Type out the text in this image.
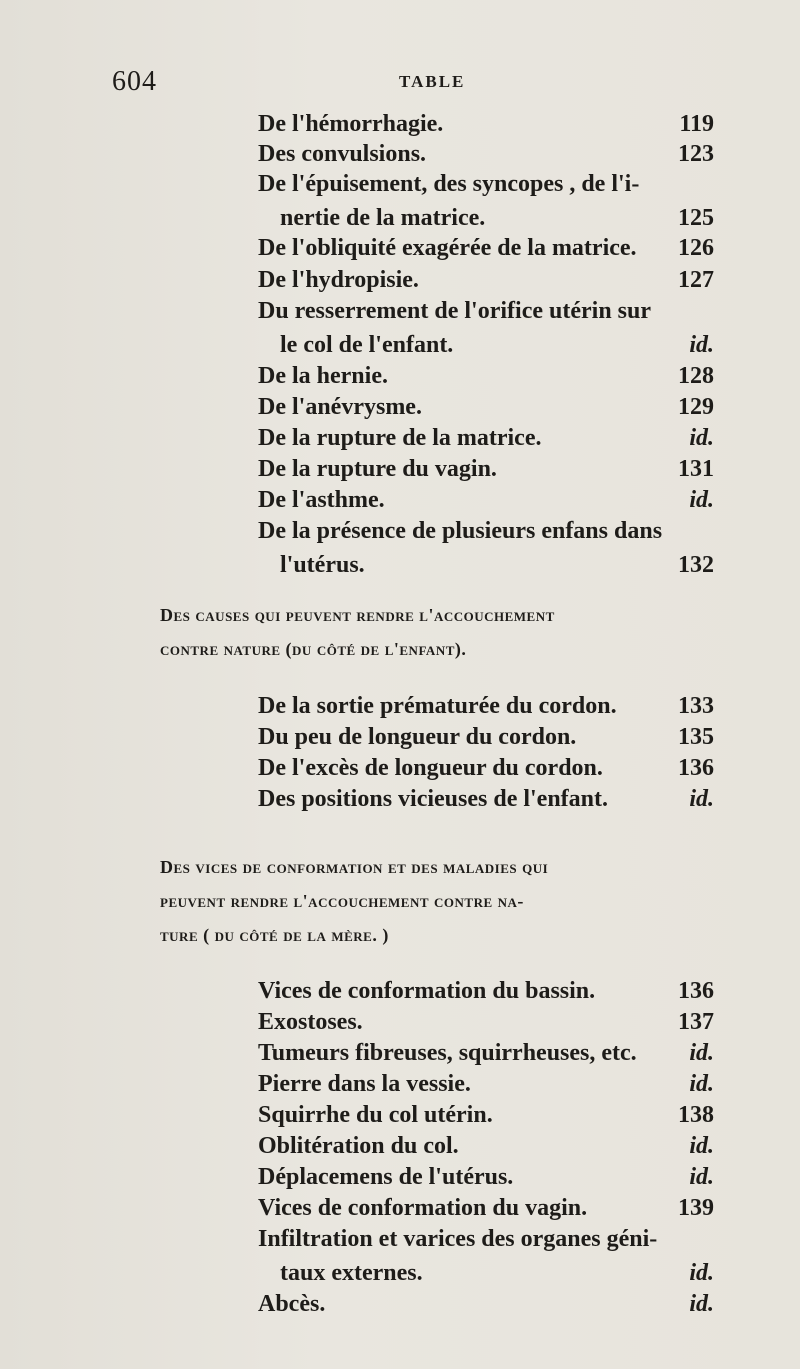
604	TABLE
De l'hémorrhagie.	119
Des convulsions.	123
De l'épuisement, des syncopes , de l'i-
nertie de la matrice.	125
De l'obliquité exagérée de la matrice. 126
De l'hydropisie.	127
Du resserrement de l'orifice utérin sur
le col de l'enfant.	id.
De la hernie.	128
De l'anévrysme.	129
De la rupture de la matrice.	id.
De la rupture du vagin.	131
De l'asthme.	id.
De la présence de plusieurs enfans dans
l'utérus.	132
Des causes qui peuvent rendre l'accouchement
contre nature (du côté de l'enfant).
De la sortie prématurée du cordon.	133
Du peu de longueur du cordon.	135
De l'excès de longueur du cordon.	136
Des positions vicieuses de l'enfant.	id.
Des vices de conformation et des maladies qui
peuvent rendre l'accouchement contre na-
ture ( du côté de la mère. )
Vices de conformation du bassin.	136
Exostoses.	137
Tumeurs fibreuses, squirrheuses, etc. id.
Pierre dans la vessie.	id.
Squirrhe du col utérin.	138
Oblitération du col.	id.
Déplacemens de l'utérus.	id.
Vices de conformation du vagin.	139
Infiltration et varices des organes géni-
taux externes.	id.
Abcès.	id.
